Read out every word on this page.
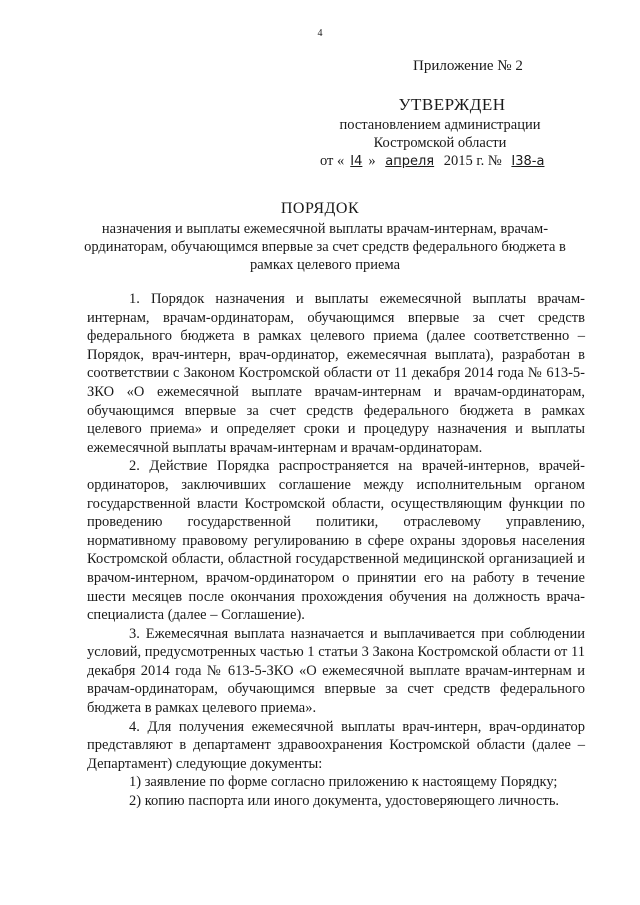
4
Приложение № 2
УТВЕРЖДЕН
постановлением администрации
Костромской области
от « I4 » апреля 2015 г. № I38-а
ПОРЯДОК
назначения и выплаты ежемесячной выплаты врачам-интернам, врачам-ординаторам, обучающимся впервые за счет средств федерального бюджета в рамках целевого приема

1. Порядок назначения и выплаты ежемесячной выплаты врачам-интернам, врачам-ординаторам, обучающимся впервые за счет средств федерального бюджета в рамках целевого приема (далее соответственно – Порядок, врач-интерн, врач-ординатор, ежемесячная выплата), разработан в соответствии с Законом Костромской области от 11 декабря 2014 года № 613-5-ЗКО «О ежемесячной выплате врачам-интернам и врачам-ординаторам, обучающимся впервые за счет средств федерального бюджета в рамках целевого приема» и определяет сроки и процедуру назначения и выплаты ежемесячной выплаты врачам-интернам и врачам-ординаторам.

2. Действие Порядка распространяется на врачей-интернов, врачей-ординаторов, заключивших соглашение между исполнительным органом государственной власти Костромской области, осуществляющим функции по проведению государственной политики, отраслевому управлению, нормативному правовому регулированию в сфере охраны здоровья населения Костромской области, областной государственной медицинской организацией и врачом-интерном, врачом-ординатором о принятии его на работу в течение шести месяцев после окончания прохождения обучения на должность врача-специалиста (далее – Соглашение).

3. Ежемесячная выплата назначается и выплачивается при соблюдении условий, предусмотренных частью 1 статьи 3 Закона Костромской области от 11 декабря 2014 года № 613-5-ЗКО «О ежемесячной выплате врачам-интернам и врачам-ординаторам, обучающимся впервые за счет средств федерального бюджета в рамках целевого приема».

4. Для получения ежемесячной выплаты врач-интерн, врач-ординатор представляют в департамент здравоохранения Костромской области (далее – Департамент) следующие документы:

1) заявление по форме согласно приложению к настоящему Порядку;

2) копию паспорта или иного документа, удостоверяющего личность.
